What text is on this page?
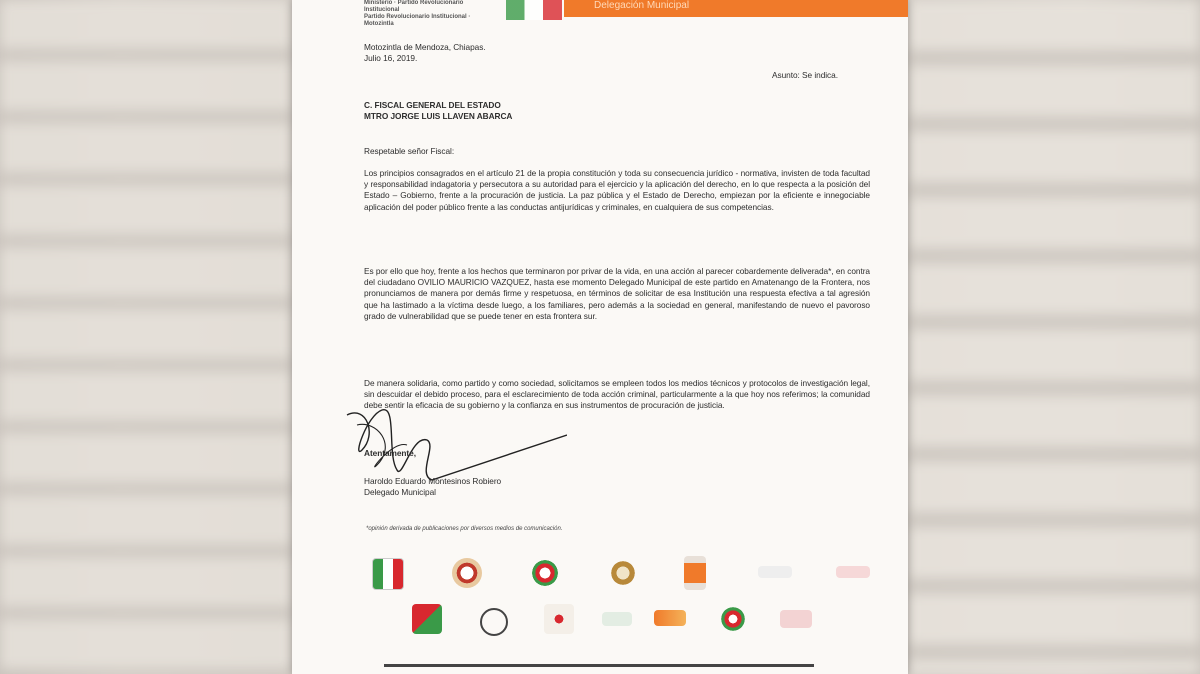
Ministerio · Partido Revolucionario Institucional
Partido Revolucionario Institucional · Motozintla
Delegación Municipal
Motozintla de Mendoza, Chiapas.
Julio 16, 2019.
Asunto: Se indica.
C. FISCAL GENERAL DEL ESTADO
MTRO JORGE LUIS LLAVEN ABARCA
Respetable señor Fiscal:
Los principios consagrados en el artículo 21 de la propia constitución y toda su consecuencia jurídico - normativa, invisten de toda facultad y responsabilidad indagatoria y persecutora a su autoridad para el ejercicio y la aplicación del derecho, en lo que respecta a la posición del Estado – Gobierno, frente a la procuración de justicia. La paz pública y el Estado de Derecho, empiezan por la eficiente e innegociable aplicación del poder público frente a las conductas antijurídicas y criminales, en cualquiera de sus competencias.
Es por ello que hoy, frente a los hechos que terminaron por privar de la vida, en una acción al parecer cobardemente deliverada*, en contra del ciudadano OVILIO MAURICIO VAZQUEZ, hasta ese momento Delegado Municipal de este partido en Amatenango de la Frontera, nos pronunciamos de manera por demás firme y respetuosa, en términos de solicitar de esa Institución una respuesta efectiva a tal agresión que ha lastimado a la víctima desde luego, a los familiares, pero además a la sociedad en general, manifestando de nuevo el pavoroso grado de vulnerabilidad que se puede tener en esta frontera sur.
De manera solidaria, como partido y como sociedad, solicitamos se empleen todos los medios técnicos y protocolos de investigación legal, sin descuidar el debido proceso, para el esclarecimiento de toda acción criminal, particularmente a la que hoy nos referimos; la comunidad debe sentir la eficacia de su gobierno y la confianza en sus instrumentos de procuración de justicia.
Atentamente,
Haroldo Eduardo Montesinos Robiero
Delegado Municipal
*opinión derivada de publicaciones por diversos medios de comunicación.
